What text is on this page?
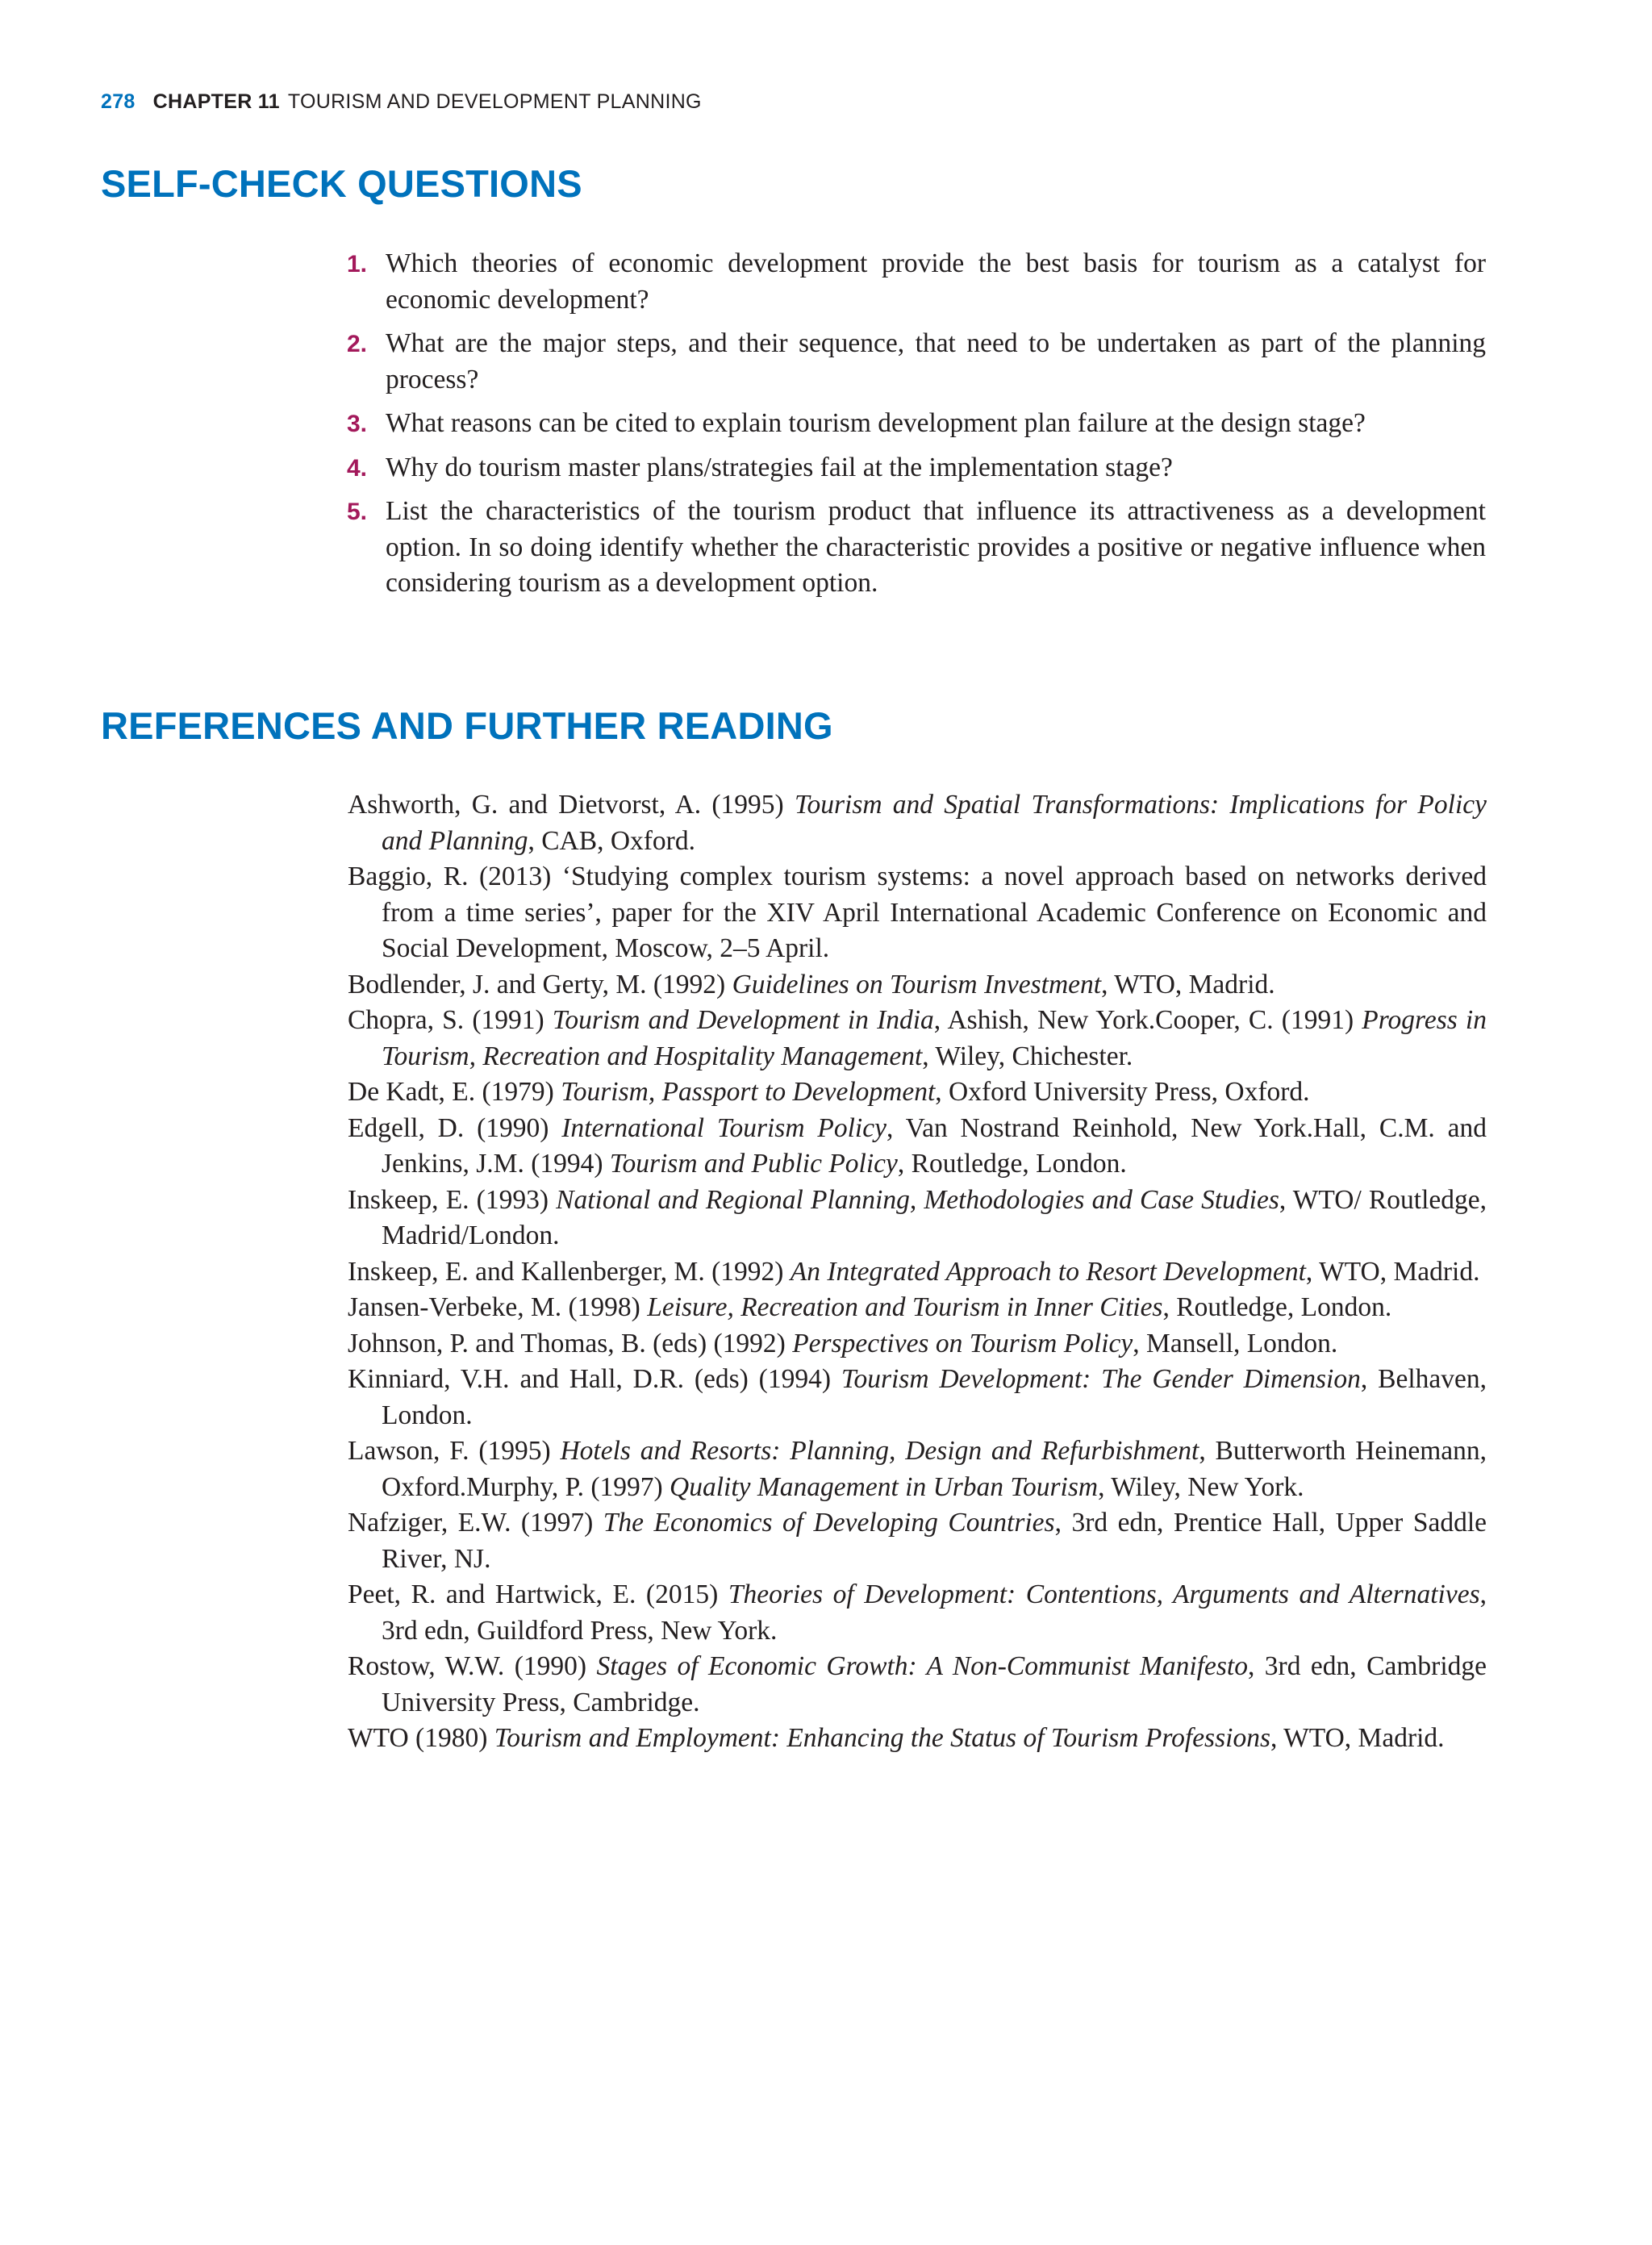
278 CHAPTER 11 TOURISM AND DEVELOPMENT PLANNING
SELF-CHECK QUESTIONS
1. Which theories of economic development provide the best basis for tourism as a catalyst for economic development?
2. What are the major steps, and their sequence, that need to be undertaken as part of the planning process?
3. What reasons can be cited to explain tourism development plan failure at the design stage?
4. Why do tourism master plans/strategies fail at the implementation stage?
5. List the characteristics of the tourism product that influence its attractiveness as a development option. In so doing identify whether the characteristic provides a positive or negative influence when considering tourism as a development option.
REFERENCES AND FURTHER READING
Ashworth, G. and Dietvorst, A. (1995) Tourism and Spatial Transformations: Implications for Policy and Planning, CAB, Oxford.
Baggio, R. (2013) ‘Studying complex tourism systems: a novel approach based on networks derived from a time series’, paper for the XIV April International Academic Conference on Economic and Social Development, Moscow, 2–5 April.
Bodlender, J. and Gerty, M. (1992) Guidelines on Tourism Investment, WTO, Madrid.
Chopra, S. (1991) Tourism and Development in India, Ashish, New York.Cooper, C. (1991) Progress in Tourism, Recreation and Hospitality Management, Wiley, Chichester.
De Kadt, E. (1979) Tourism, Passport to Development, Oxford University Press, Oxford.
Edgell, D. (1990) International Tourism Policy, Van Nostrand Reinhold, New York.Hall, C.M. and Jenkins, J.M. (1994) Tourism and Public Policy, Routledge, London.
Inskeep, E. (1993) National and Regional Planning, Methodologies and Case Studies, WTO/ Routledge, Madrid/London.
Inskeep, E. and Kallenberger, M. (1992) An Integrated Approach to Resort Development, WTO, Madrid.
Jansen-Verbeke, M. (1998) Leisure, Recreation and Tourism in Inner Cities, Routledge, London.
Johnson, P. and Thomas, B. (eds) (1992) Perspectives on Tourism Policy, Mansell, London.
Kinniard, V.H. and Hall, D.R. (eds) (1994) Tourism Development: The Gender Dimension, Belhaven, London.
Lawson, F. (1995) Hotels and Resorts: Planning, Design and Refurbishment, Butterworth Heinemann, Oxford.Murphy, P. (1997) Quality Management in Urban Tourism, Wiley, New York.
Nafziger, E.W. (1997) The Economics of Developing Countries, 3rd edn, Prentice Hall, Upper Saddle River, NJ.
Peet, R. and Hartwick, E. (2015) Theories of Development: Contentions, Arguments and Alternatives, 3rd edn, Guildford Press, New York.
Rostow, W.W. (1990) Stages of Economic Growth: A Non-Communist Manifesto, 3rd edn, Cambridge University Press, Cambridge.
WTO (1980) Tourism and Employment: Enhancing the Status of Tourism Professions, WTO, Madrid.
